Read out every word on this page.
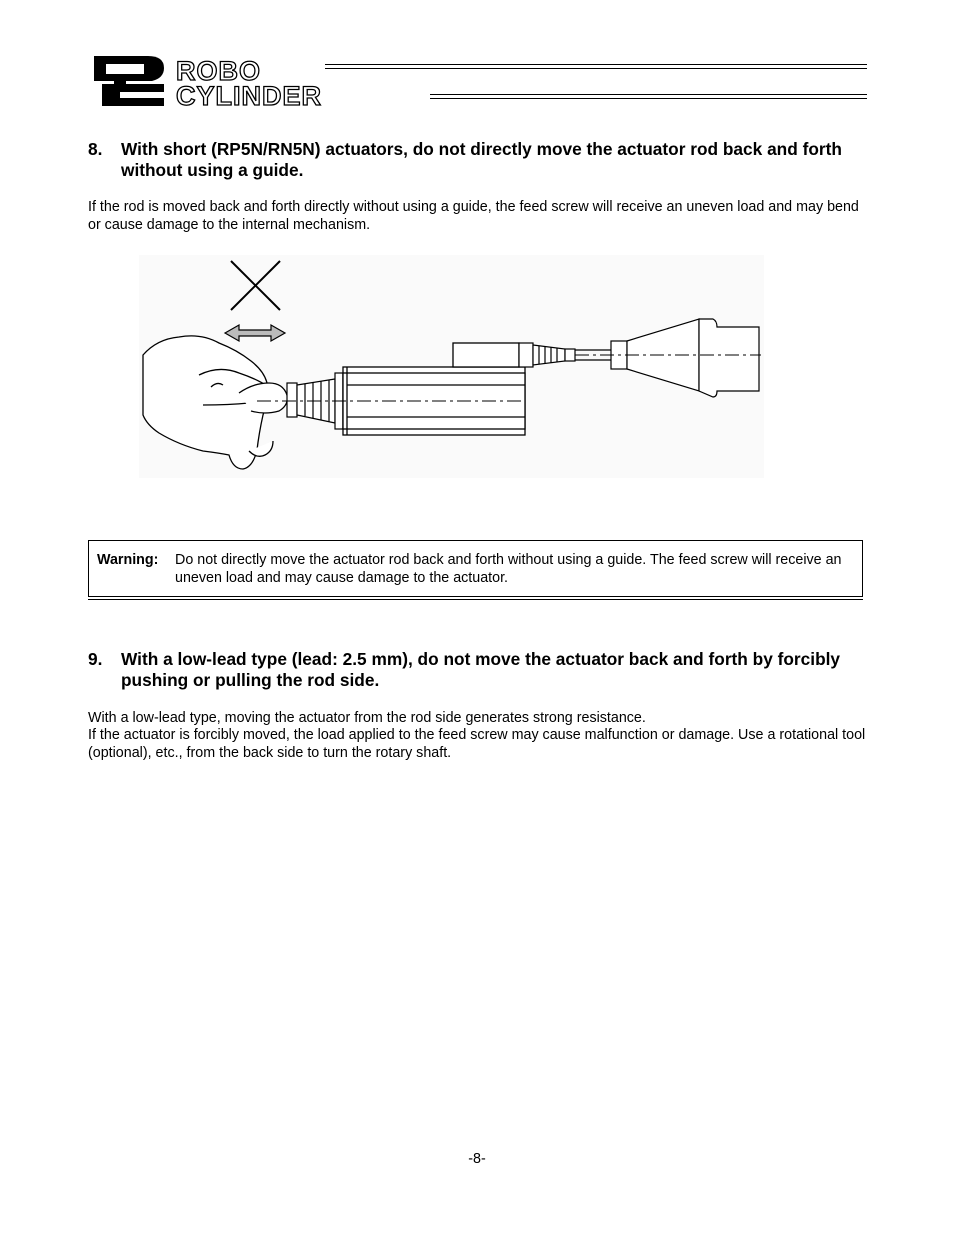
ROBO
CYLINDER
8. With short (RP5N/RN5N) actuators, do not directly move the actuator rod back and forth without using a guide.
If the rod is moved back and forth directly without using a guide, the feed screw will receive an uneven load and may bend or cause damage to the internal mechanism.
Warning: Do not directly move the actuator rod back and forth without using a guide. The feed screw will receive an uneven load and may cause damage to the actuator.
9. With a low-lead type (lead: 2.5 mm), do not move the actuator back and forth by forcibly pushing or pulling the rod side.
With a low-lead type, moving the actuator from the rod side generates strong resistance.
If the actuator is forcibly moved, the load applied to the feed screw may cause malfunction or damage. Use a rotational tool (optional), etc., from the back side to turn the rotary shaft.
-8-
